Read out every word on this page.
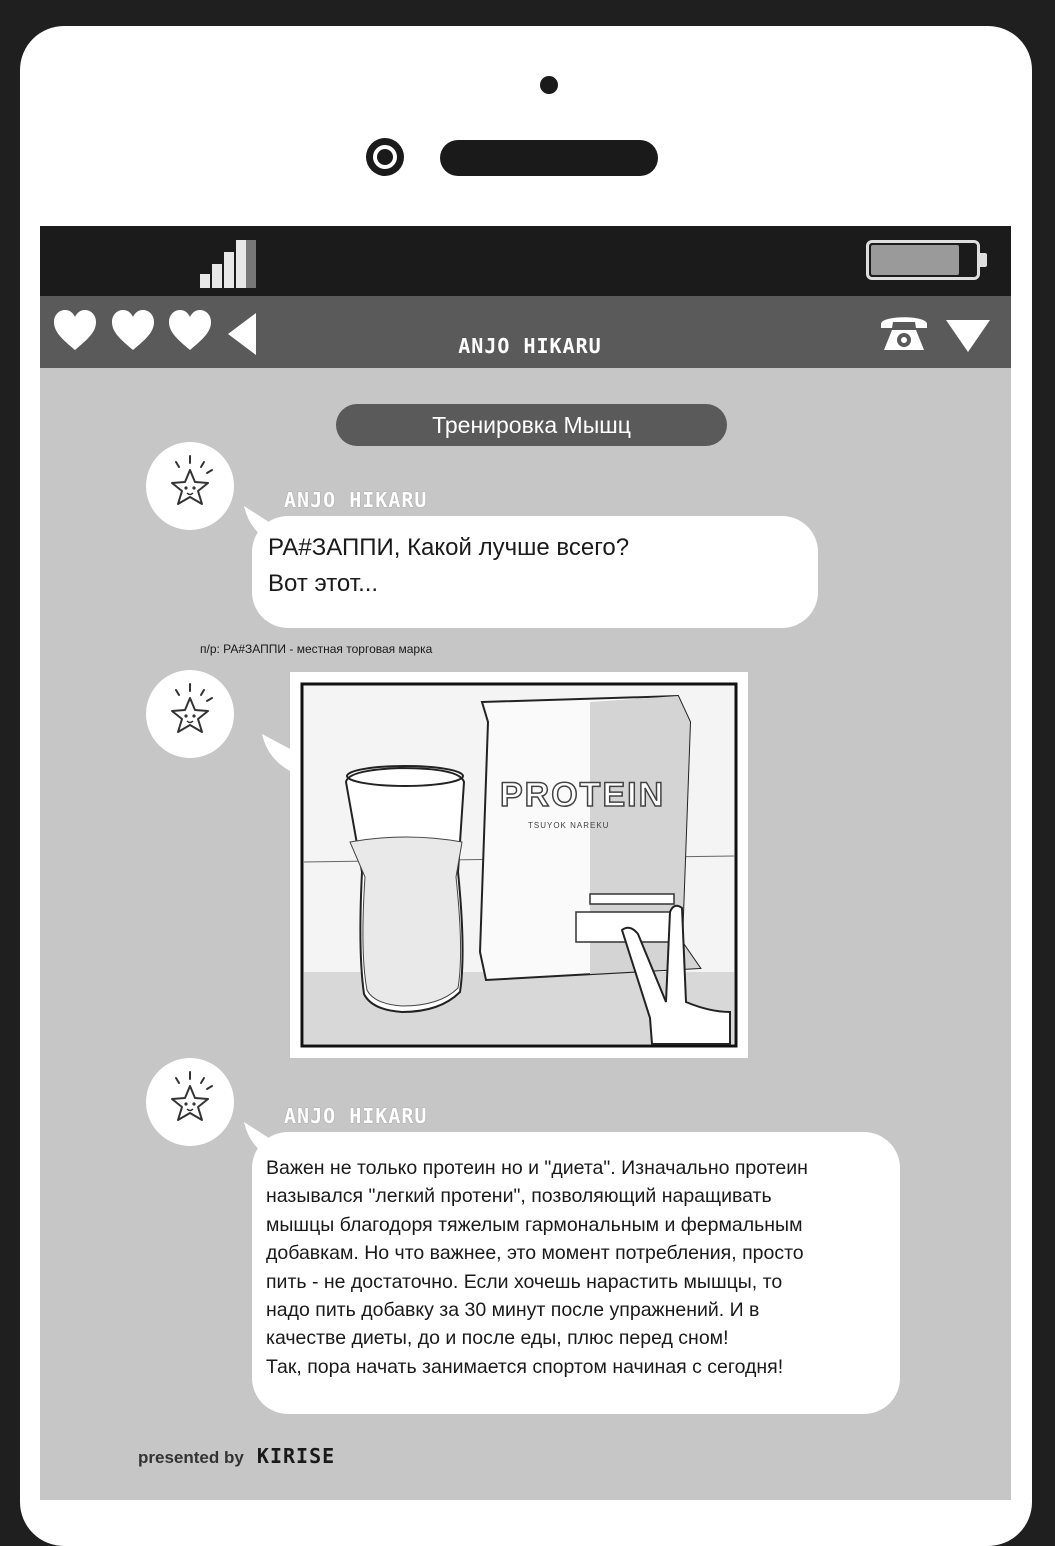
ANJO HIKARU
Тренировка Мышц
ANJO HIKARU
РА#ЗАППИ, Какой лучше всего?
Вот этот...
п/р: РА#ЗАППИ - местная торговая марка
PROTEIN
TSUYOK NAREKU
ANJO HIKARU
Важен не только протеин но и "диета". Изначально протеин
назывался "легкий протени", позволяющий наращивать
мышцы благодоря тяжелым гармональным и фермальным
добавкам. Но что важнее, это момент потребления, просто
пить - не достаточно. Если хочешь нарастить мышцы, то
надо пить добавку за 30 минут после упражнений. И в
качестве диеты, до и после еды, плюс перед сном!
Так, пора начать занимается спортом начиная с сегодня!
presented by KIRISE
